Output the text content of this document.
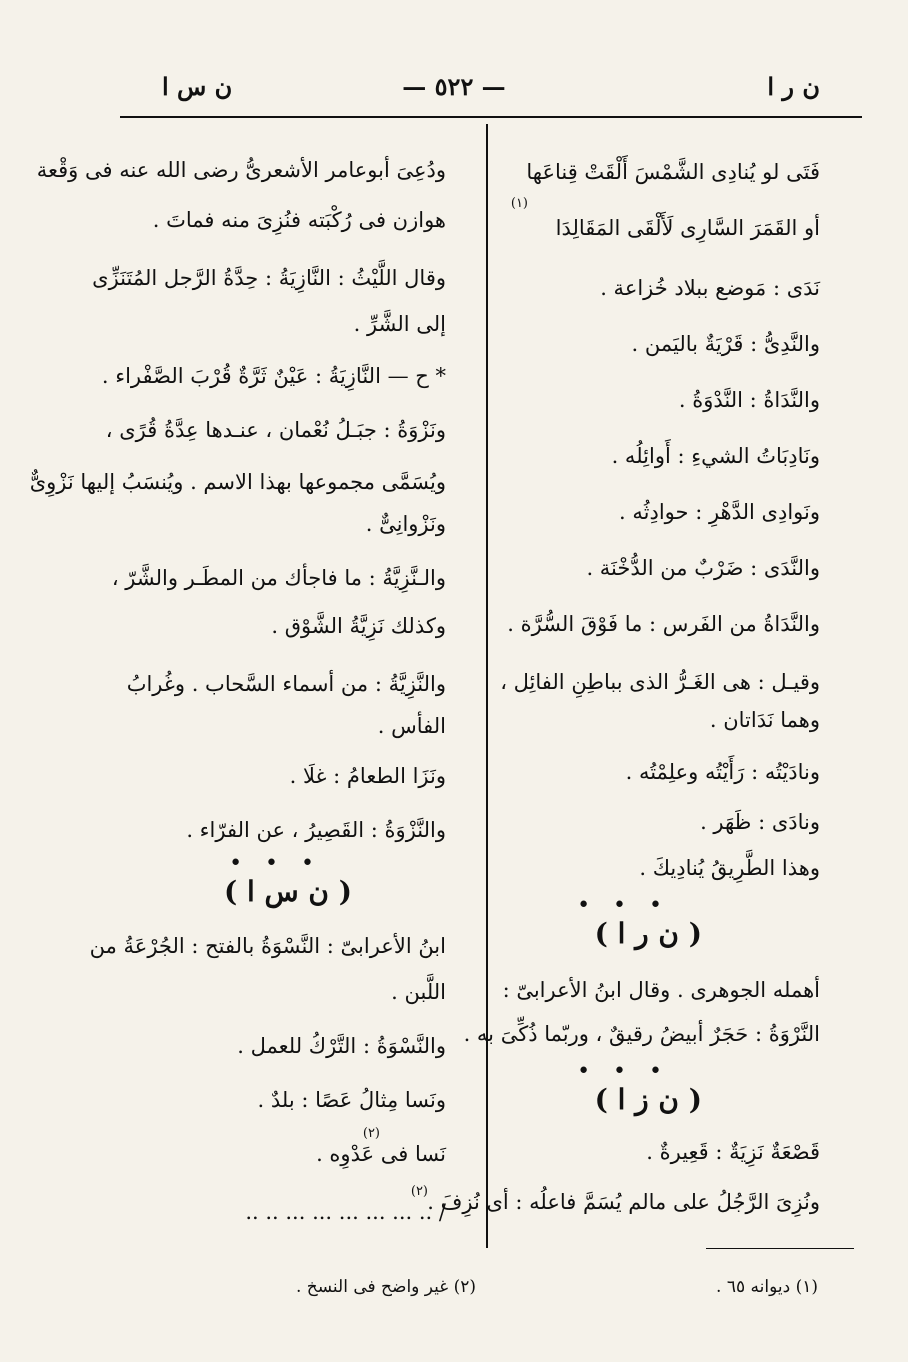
ن ر ا
— ٥٢٢ —
ن س ا
فَتَى لو يُنادِى الشَّمْسَ أَلْقَتْ قِناعَها
(١)
أو القَمَرَ السَّارِى لَأَلْقَى المَقَالِدَا
نَدَى : مَوضع ببلاد خُزاعة .
والنَّدِىُّ : قَرْيَةٌ باليَمن .
والنَّدَاةُ : النَّدْوَةُ .
ونَادِبَاتُ الشيءِ : أَوائِلُه .
ونَوادِى الدَّهْرِ : حوادِثُه .
والنَّدَى : ضَرْبٌ من الدُّخْنَة .
والنَّدَاةُ من الفَرس : ما فَوْقَ السُّرَّة .
وقيـل : هى الغَـرُّ الذى بباطِنِ الفائِل ،
وهما نَدَاتان .
ونادَيْتُه : رَأَيْتُه وعلِمْتُه .
ونادَى : ظَهَر .
وهذا الطَّرِيقُ يُنادِيكَ .
• • •
( ن ر ا )
أهمله الجوهرى . وقال ابنُ الأعرابىّ :
النَّرْوَةُ : حَجَرٌ أبيضُ رقيقٌ ، وربّما ذُكِّىَ به .
• • •
( ن ز ا )
قَصْعَةٌ نَزِيَةٌ : قَعِيرةٌ .
ونُزِىَ الرَّجُلُ على مالم يُسَمَّ فاعلُه : أى نُزِفَ .
ودُعِىَ أبوعامر الأشعرىُّ رضى الله عنه فى وَقْعة
هوازن فى رُكْبَته فنُزِىَ منه فماتَ .
وقال اللَّيْثُ : النَّازِيَةُ : حِدَّةُ الرَّجل المُتَنَزِّى
إلى الشَّرِّ .
* ح — النَّازِيَةُ : عَيْنٌ ثَرَّةٌ قُرْبَ الصَّفْراء .
ونَزْوَةُ : جبَـلُ نُعْمان ، عنـدها عِدَّةُ قُرًى ،
ويُسَمَّى مجموعها بهذا الاسم . ويُنسَبُ إليها نَزْوِىٌّ
ونَزْوانِىٌّ .
والـنَّزِيَّةُ : ما فاجأك من المطَـر والشَّرّ ،
وكذلك نَزِيَّةُ الشَّوْق .
والنَّزِيَّةُ : من أسماء السَّحاب . وغُرابُ
الفأس .
ونَزَا الطعامُ : غلَا .
والنَّزْوَةُ : القَصِيرُ ، عن الفرّاء .
• • •
( ن س ا )
ابنُ الأعرابىّ : النَّسْوَةُ بالفتح : الجُرْعَةُ من
اللَّبن .
والنَّسْوَةُ : التَّرْكُ للعمل .
ونَسا مِثالُ عَصًا : بلدٌ .
(٢)
نَسا فى عَدْوِه .
(٢)
/ .. ... ... ... ... ... .. ..
(١) ديوانه ٦٥ .
(٢) غير واضح فى النسخ .
